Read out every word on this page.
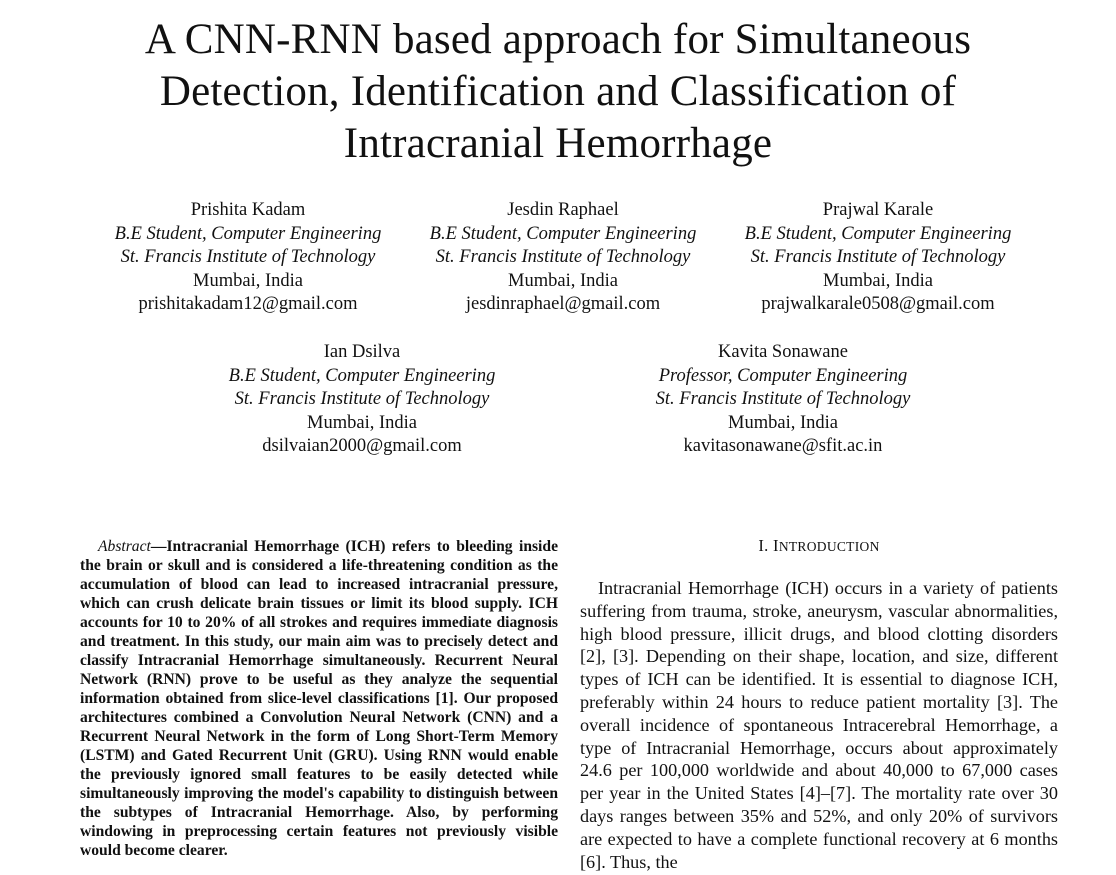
A CNN-RNN based approach for Simultaneous
Detection, Identification and Classification of
Intracranial Hemorrhage
Prishita Kadam
B.E Student, Computer Engineering
St. Francis Institute of Technology
Mumbai, India
prishitakadam12@gmail.com
Jesdin Raphael
B.E Student, Computer Engineering
St. Francis Institute of Technology
Mumbai, India
jesdinraphael@gmail.com
Prajwal Karale
B.E Student, Computer Engineering
St. Francis Institute of Technology
Mumbai, India
prajwalkarale0508@gmail.com
Ian Dsilva
B.E Student, Computer Engineering
St. Francis Institute of Technology
Mumbai, India
dsilvaian2000@gmail.com
Kavita Sonawane
Professor, Computer Engineering
St. Francis Institute of Technology
Mumbai, India
kavitasonawane@sfit.ac.in

Abstract—Intracranial Hemorrhage (ICH) refers to bleeding inside the brain or skull and is considered a life-threatening condition as the accumulation of blood can lead to increased intracranial pressure, which can crush delicate brain tissues or limit its blood supply. ICH accounts for 10 to 20% of all strokes and requires immediate diagnosis and treatment. In this study, our main aim was to precisely detect and classify Intracranial Hemorrhage simultaneously. Recurrent Neural Network (RNN) prove to be useful as they analyze the sequential information obtained from slice-level classifications [1]. Our proposed architectures combined a Convolution Neural Network (CNN) and a Recurrent Neural Network in the form of Long Short-Term Memory (LSTM) and Gated Recurrent Unit (GRU). Using RNN would enable the previously ignored small features to be easily detected while simultaneously improving the model's capability to distinguish between the subtypes of Intracranial Hemorrhage. Also, by performing windowing in preprocessing certain features not previously visible would become clearer.

I. INTRODUCTION

Intracranial Hemorrhage (ICH) occurs in a variety of patients suffering from trauma, stroke, aneurysm, vascular abnormalities, high blood pressure, illicit drugs, and blood clotting disorders [2], [3]. Depending on their shape, location, and size, different types of ICH can be identified. It is essential to diagnose ICH, preferably within 24 hours to reduce patient mortality [3]. The overall incidence of spontaneous Intracerebral Hemorrhage, a type of Intracranial Hemorrhage, occurs about approximately 24.6 per 100,000 worldwide and about 40,000 to 67,000 cases per year in the United States [4]–[7]. The mortality rate over 30 days ranges between 35% and 52%, and only 20% of survivors are expected to have a complete functional recovery at 6 months [6]. Thus, the
